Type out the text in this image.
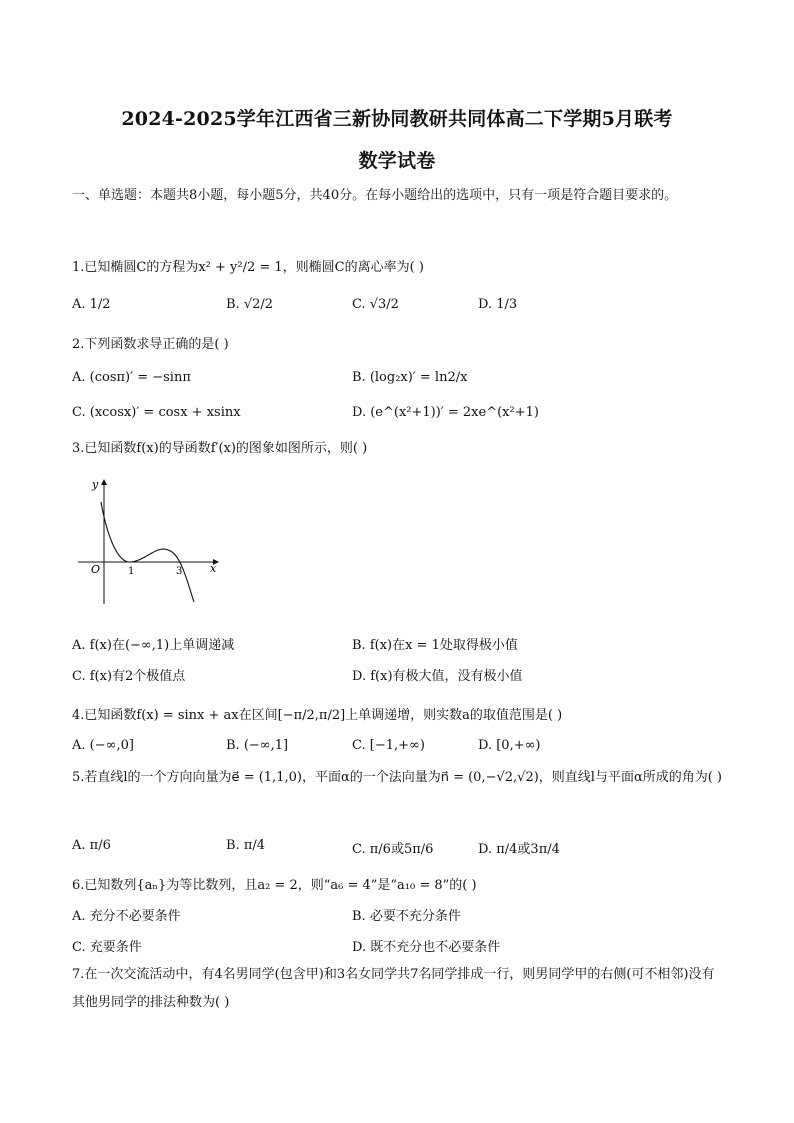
2024-2025学年江西省三新协同教研共同体高二下学期5月联考
数学试卷
一、单选题：本题共8小题，每小题5分，共40分。在每小题给出的选项中，只有一项是符合题目要求的。
1.已知椭圆C的方程为x² + y²/2 = 1，则椭圆C的离心率为( )
A. 1/2	B. √2/2	C. √3/2	D. 1/3
2.下列函数求导正确的是( )
A. (cosπ)′ = −sinπ	B. (log₂x)′ = ln2/x
C. (xcosx)′ = cosx + xsinx	D. (e^(x²+1))′ = 2xe^(x²+1)
3.已知函数f(x)的导函数f′(x)的图象如图所示，则( )
y
x
O	1	3
A. f(x)在(−∞,1)上单调递减	B. f(x)在x = 1处取得极小值
C. f(x)有2个极值点	D. f(x)有极大值，没有极小值
4.已知函数f(x) = sinx + ax在区间[−π/2,π/2]上单调递增，则实数a的取值范围是( )
A. (−∞,0]	B. (−∞,1]	C. [−1,+∞)	D. [0,+∞)
5.若直线l的一个方向向量为e⃗ = (1,1,0)，平面α的一个法向量为n⃗ = (0,−√2,√2)，则直线l与平面α所成的角为( )
A. π/6	B. π/4	C. π/6或5π/6	D. π/4或3π/4
6.已知数列{aₙ}为等比数列，且a₂ = 2，则“a₆ = 4”是“a₁₀ = 8”的( )
A. 充分不必要条件	B. 必要不充分条件
C. 充要条件	D. 既不充分也不必要条件
7.在一次交流活动中，有4名男同学(包含甲)和3名女同学共7名同学排成一行，则男同学甲的右侧(可不相邻)没有其他男同学的排法种数为( )
